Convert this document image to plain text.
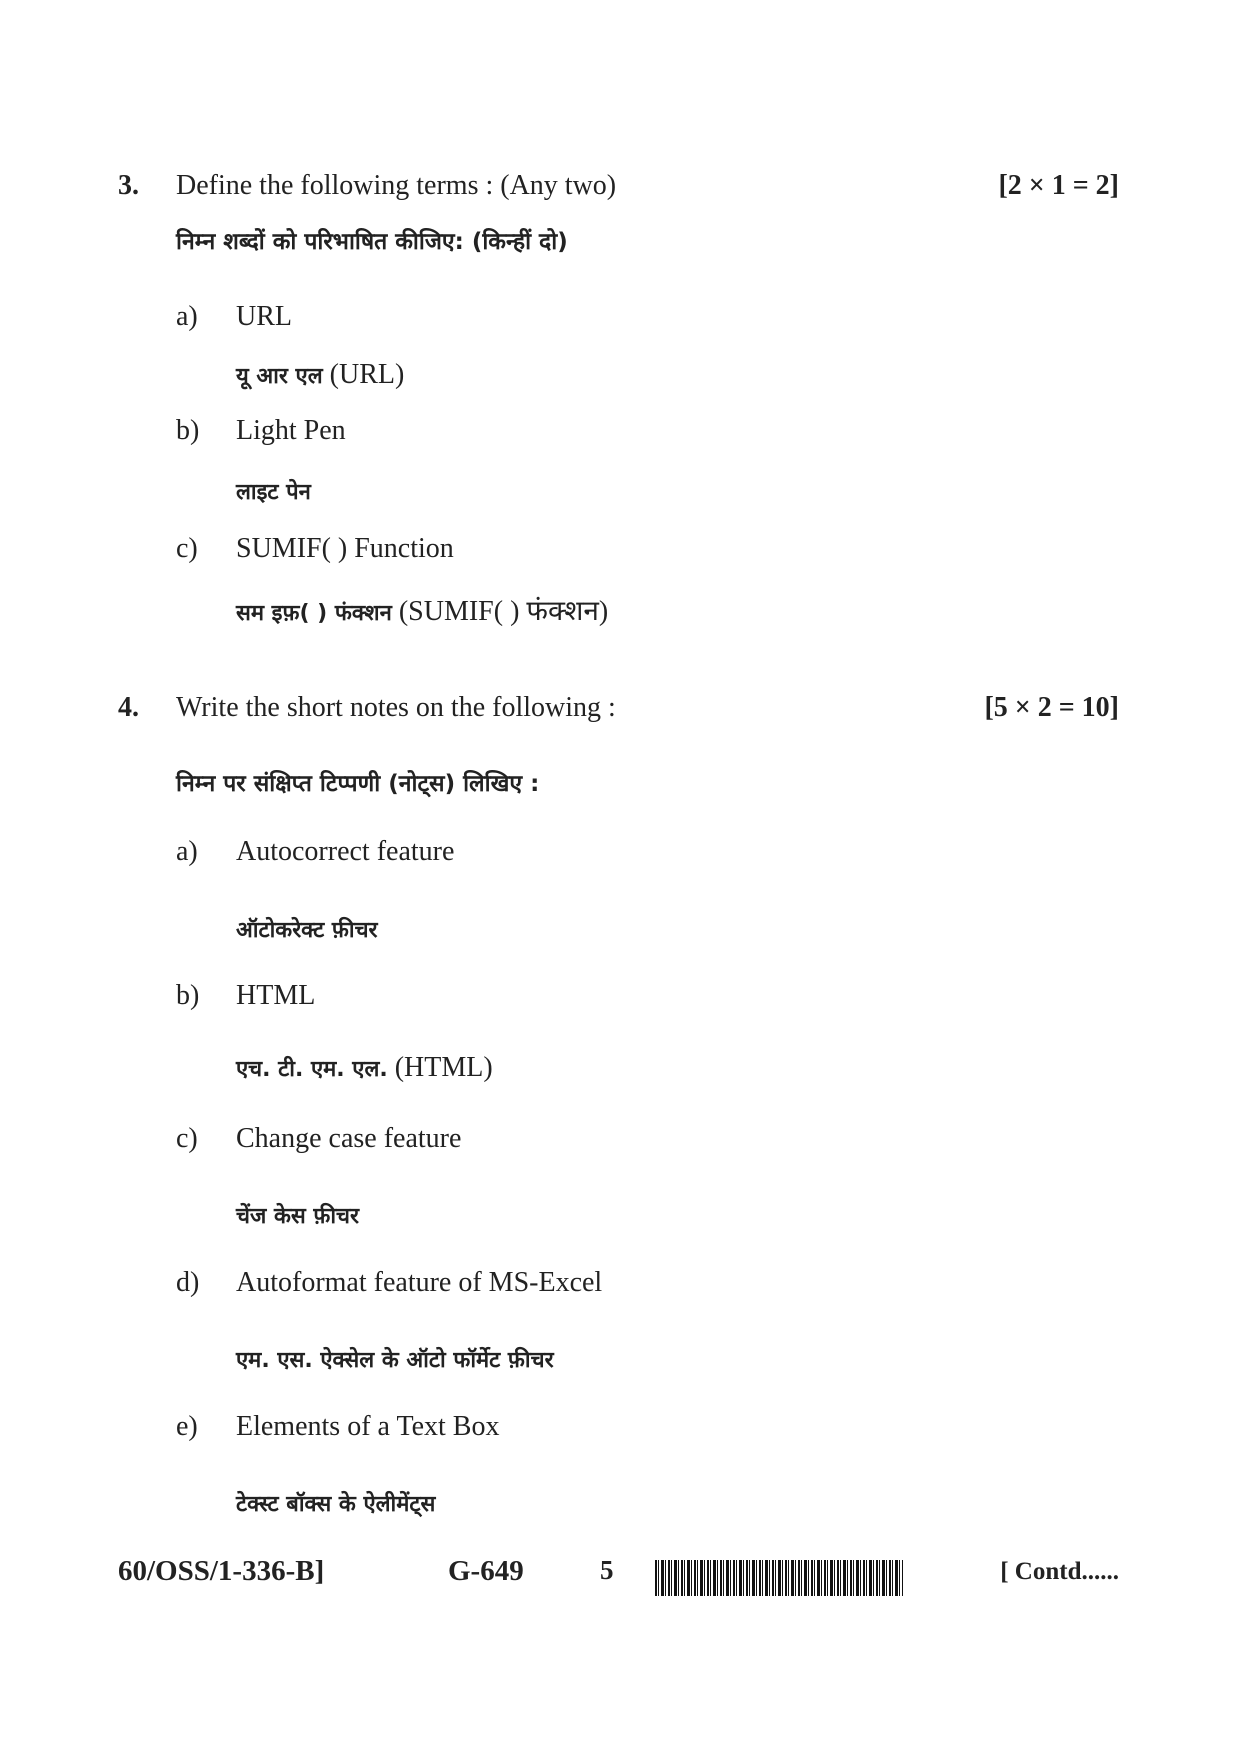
3. Define the following terms : (Any two)	[2 × 1 = 2]
निम्न शब्दों को परिभाषित कीजिए: (किन्हीं दो)
a) URL
यू आर एल (URL)
b) Light Pen
लाइट पेन
c) SUMIF( ) Function
सम इफ़( ) फंक्शन (SUMIF( ) फंक्शन)
4. Write the short notes on the following :	[5 × 2 = 10]
निम्न पर संक्षिप्त टिप्पणी (नोट्स) लिखिए :
a) Autocorrect feature
ऑटोकरेक्ट फ़ीचर
b) HTML
एच. टी. एम. एल. (HTML)
c) Change case feature
चेंज केस फ़ीचर
d) Autoformat feature of MS-Excel
एम. एस. ऐक्सेल के ऑटो फॉर्मेट फ़ीचर
e) Elements of a Text Box
टेक्स्ट बॉक्स के ऐलीमेंट्स
60/OSS/1-336-B]	G-649	5	[ Contd......
